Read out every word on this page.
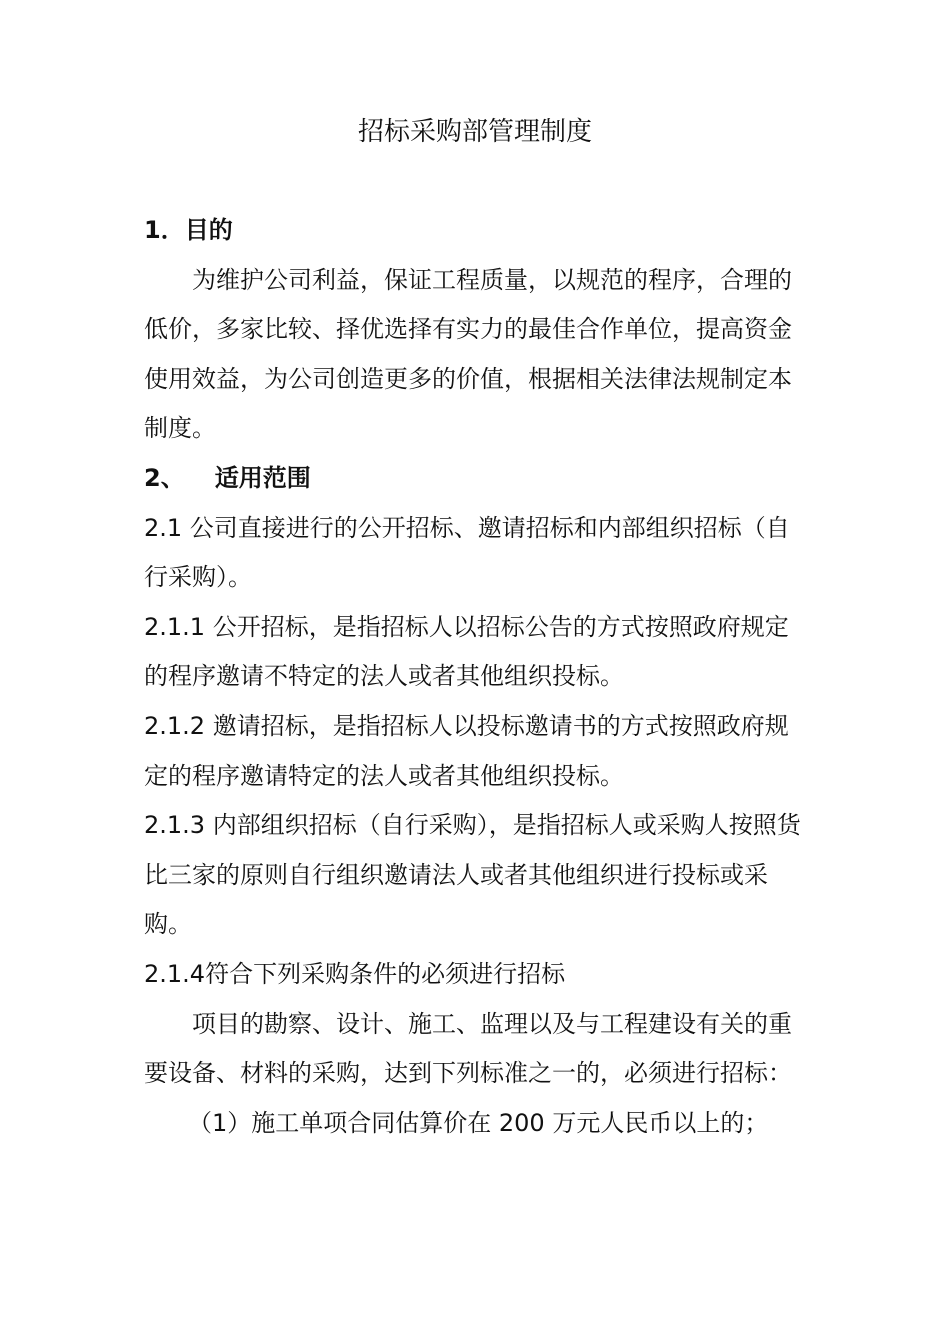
招标采购部管理制度

1．目的

为维护公司利益，保证工程质量，以规范的程序，合理的低价，多家比较、择优选择有实力的最佳合作单位，提高资金使用效益，为公司创造更多的价值，根据相关法律法规制定本制度。

2、 适用范围

2.1 公司直接进行的公开招标、邀请招标和内部组织招标（自行采购）。

2.1.1 公开招标，是指招标人以招标公告的方式按照政府规定的程序邀请不特定的法人或者其他组织投标。

2.1.2 邀请招标，是指招标人以投标邀请书的方式按照政府规定的程序邀请特定的法人或者其他组织投标。

2.1.3 内部组织招标（自行采购），是指招标人或采购人按照货比三家的原则自行组织邀请法人或者其他组织进行投标或采购。

2.1.4符合下列采购条件的必须进行招标

项目的勘察、设计、施工、监理以及与工程建设有关的重要设备、材料的采购，达到下列标准之一的，必须进行招标：

（1）施工单项合同估算价在 200 万元人民币以上的；
